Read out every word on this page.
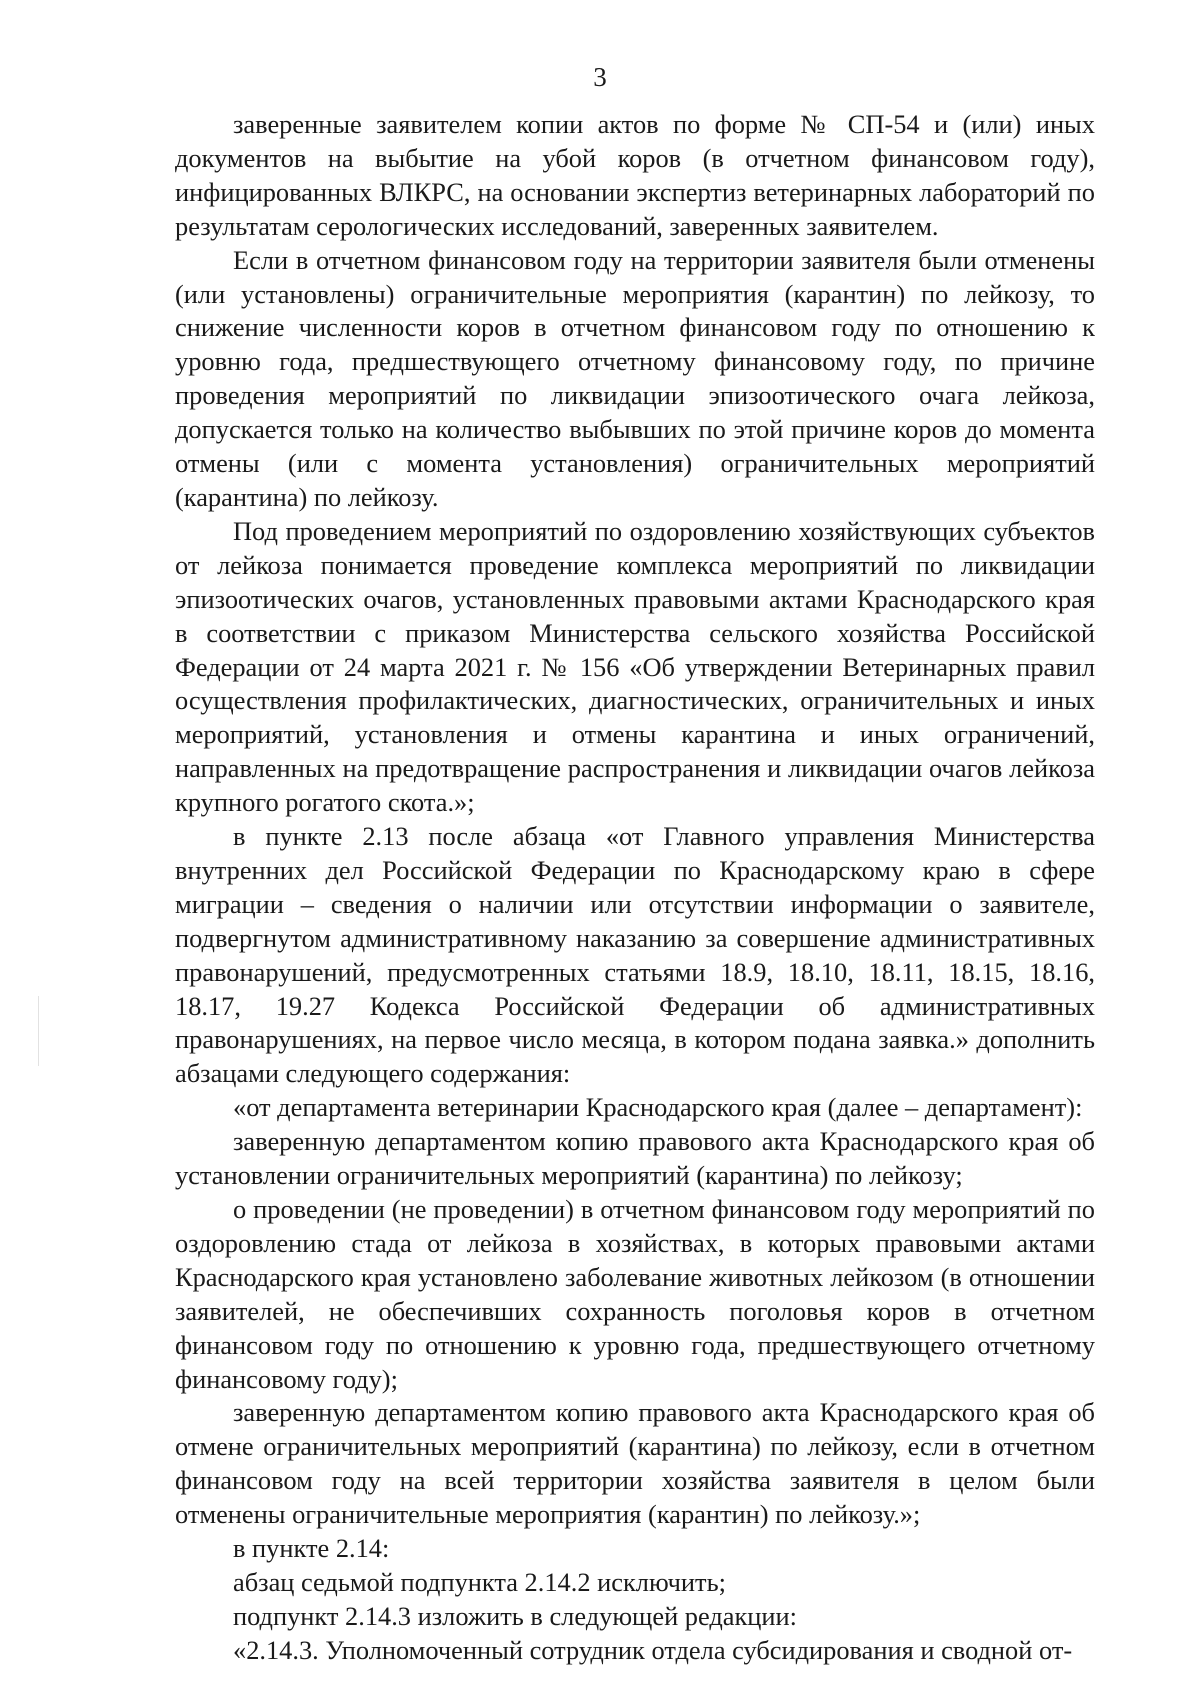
3

заверенные заявителем копии актов по форме № СП-54 и (или) иных документов на выбытие на убой коров (в отчетном финансовом году), инфицированных ВЛКРС, на основании экспертиз ветеринарных лабораторий по результатам серологических исследований, заверенных заявителем.

Если в отчетном финансовом году на территории заявителя были отменены (или установлены) ограничительные мероприятия (карантин) по лейкозу, то снижение численности коров в отчетном финансовом году по отношению к уровню года, предшествующего отчетному финансовому году, по причине проведения мероприятий по ликвидации эпизоотического очага лейкоза, допускается только на количество выбывших по этой причине коров до момента отмены (или с момента установления) ограничительных мероприятий (карантина) по лейкозу.

Под проведением мероприятий по оздоровлению хозяйствующих субъектов от лейкоза понимается проведение комплекса мероприятий по ликвидации эпизоотических очагов, установленных правовыми актами Краснодарского края в соответствии с приказом Министерства сельского хозяйства Российской Федерации от 24 марта 2021 г. № 156 «Об утверждении Ветеринарных правил осуществления профилактических, диагностических, ограничительных и иных мероприятий, установления и отмены карантина и иных ограничений, направленных на предотвращение распространения и ликвидации очагов лейкоза крупного рогатого скота.»;

в пункте 2.13 после абзаца «от Главного управления Министерства внутренних дел Российской Федерации по Краснодарскому краю в сфере миграции – сведения о наличии или отсутствии информации о заявителе, подвергнутом административному наказанию за совершение административных правонарушений, предусмотренных статьями 18.9, 18.10, 18.11, 18.15, 18.16, 18.17, 19.27 Кодекса Российской Федерации об административных правонарушениях, на первое число месяца, в котором подана заявка.» дополнить абзацами следующего содержания:

«от департамента ветеринарии Краснодарского края (далее – департамент):

заверенную департаментом копию правового акта Краснодарского края об установлении ограничительных мероприятий (карантина) по лейкозу;

о проведении (не проведении) в отчетном финансовом году мероприятий по оздоровлению стада от лейкоза в хозяйствах, в которых правовыми актами Краснодарского края установлено заболевание животных лейкозом (в отношении заявителей, не обеспечивших сохранность поголовья коров в отчетном финансовом году по отношению к уровню года, предшествующего отчетному финансовому году);

заверенную департаментом копию правового акта Краснодарского края об отмене ограничительных мероприятий (карантина) по лейкозу, если в отчетном финансовом году на всей территории хозяйства заявителя в целом были отменены ограничительные мероприятия (карантин) по лейкозу.»;

в пункте 2.14:

абзац седьмой подпункта 2.14.2 исключить;

подпункт 2.14.3 изложить в следующей редакции:

«2.14.3. Уполномоченный сотрудник отдела субсидирования и сводной от-
